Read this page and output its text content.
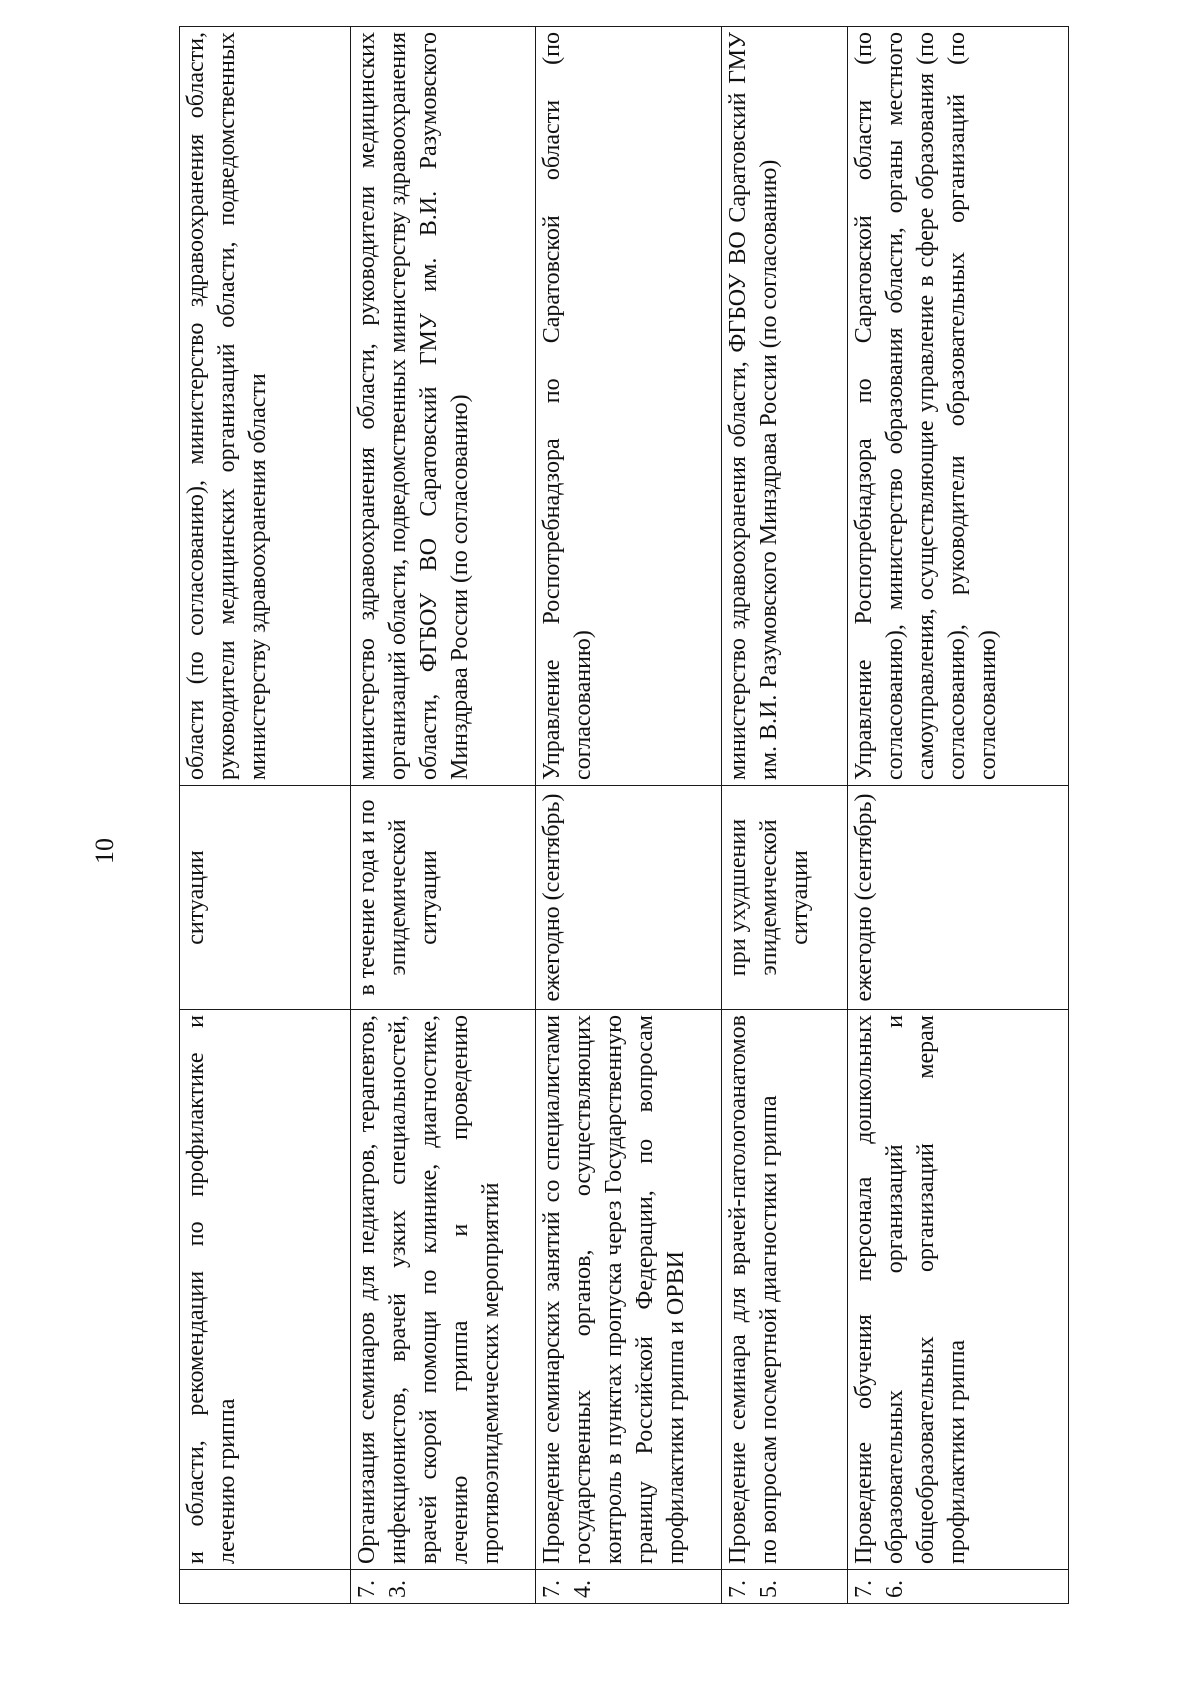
10
	и области, рекомендации по профилактике и лечению гриппа	ситуации	области (по согласованию), министерство здравоохранения области, руководители медицинских организаций области, подведомственных министерству здравоохранения области
7.3.	Организация семинаров для педиатров, терапевтов, инфекционистов, врачей узких специальностей, врачей скорой помощи по клинике, диагностике, лечению гриппа и проведению противоэпидемических мероприятий	в течение года и по эпидемической ситуации	министерство здравоохранения области, руководители медицинских организаций области, подведомственных министерству здравоохранения области, ФГБОУ ВО Саратовский ГМУ им. В.И. Разумовского Минздрава России (по согласованию)
7.4.	Проведение семинарских занятий со специалистами государственных органов, осуществляющих контроль в пунктах пропуска через Государственную границу Российской Федерации, по вопросам профилактики гриппа и ОРВИ	ежегодно (сентябрь)	Управление Роспотребнадзора по Саратовской области (по согласованию)
7.5.	Проведение семинара для врачей-патологоанатомов по вопросам посмертной диагностики гриппа	при ухудшении эпидемической ситуации	министерство здравоохранения области, ФГБОУ ВО Саратовский ГМУ им. В.И. Разумовского Минздрава России (по согласованию)
7.6.	Проведение обучения персонала дошкольных образовательных организаций и общеобразовательных организаций мерам профилактики гриппа	ежегодно (сентябрь)	Управление Роспотребнадзора по Саратовской области (по согласованию), министерство образования области, органы местного самоуправления, осуществляющие управление в сфере образования (по согласованию), руководители образовательных организаций (по согласованию)
